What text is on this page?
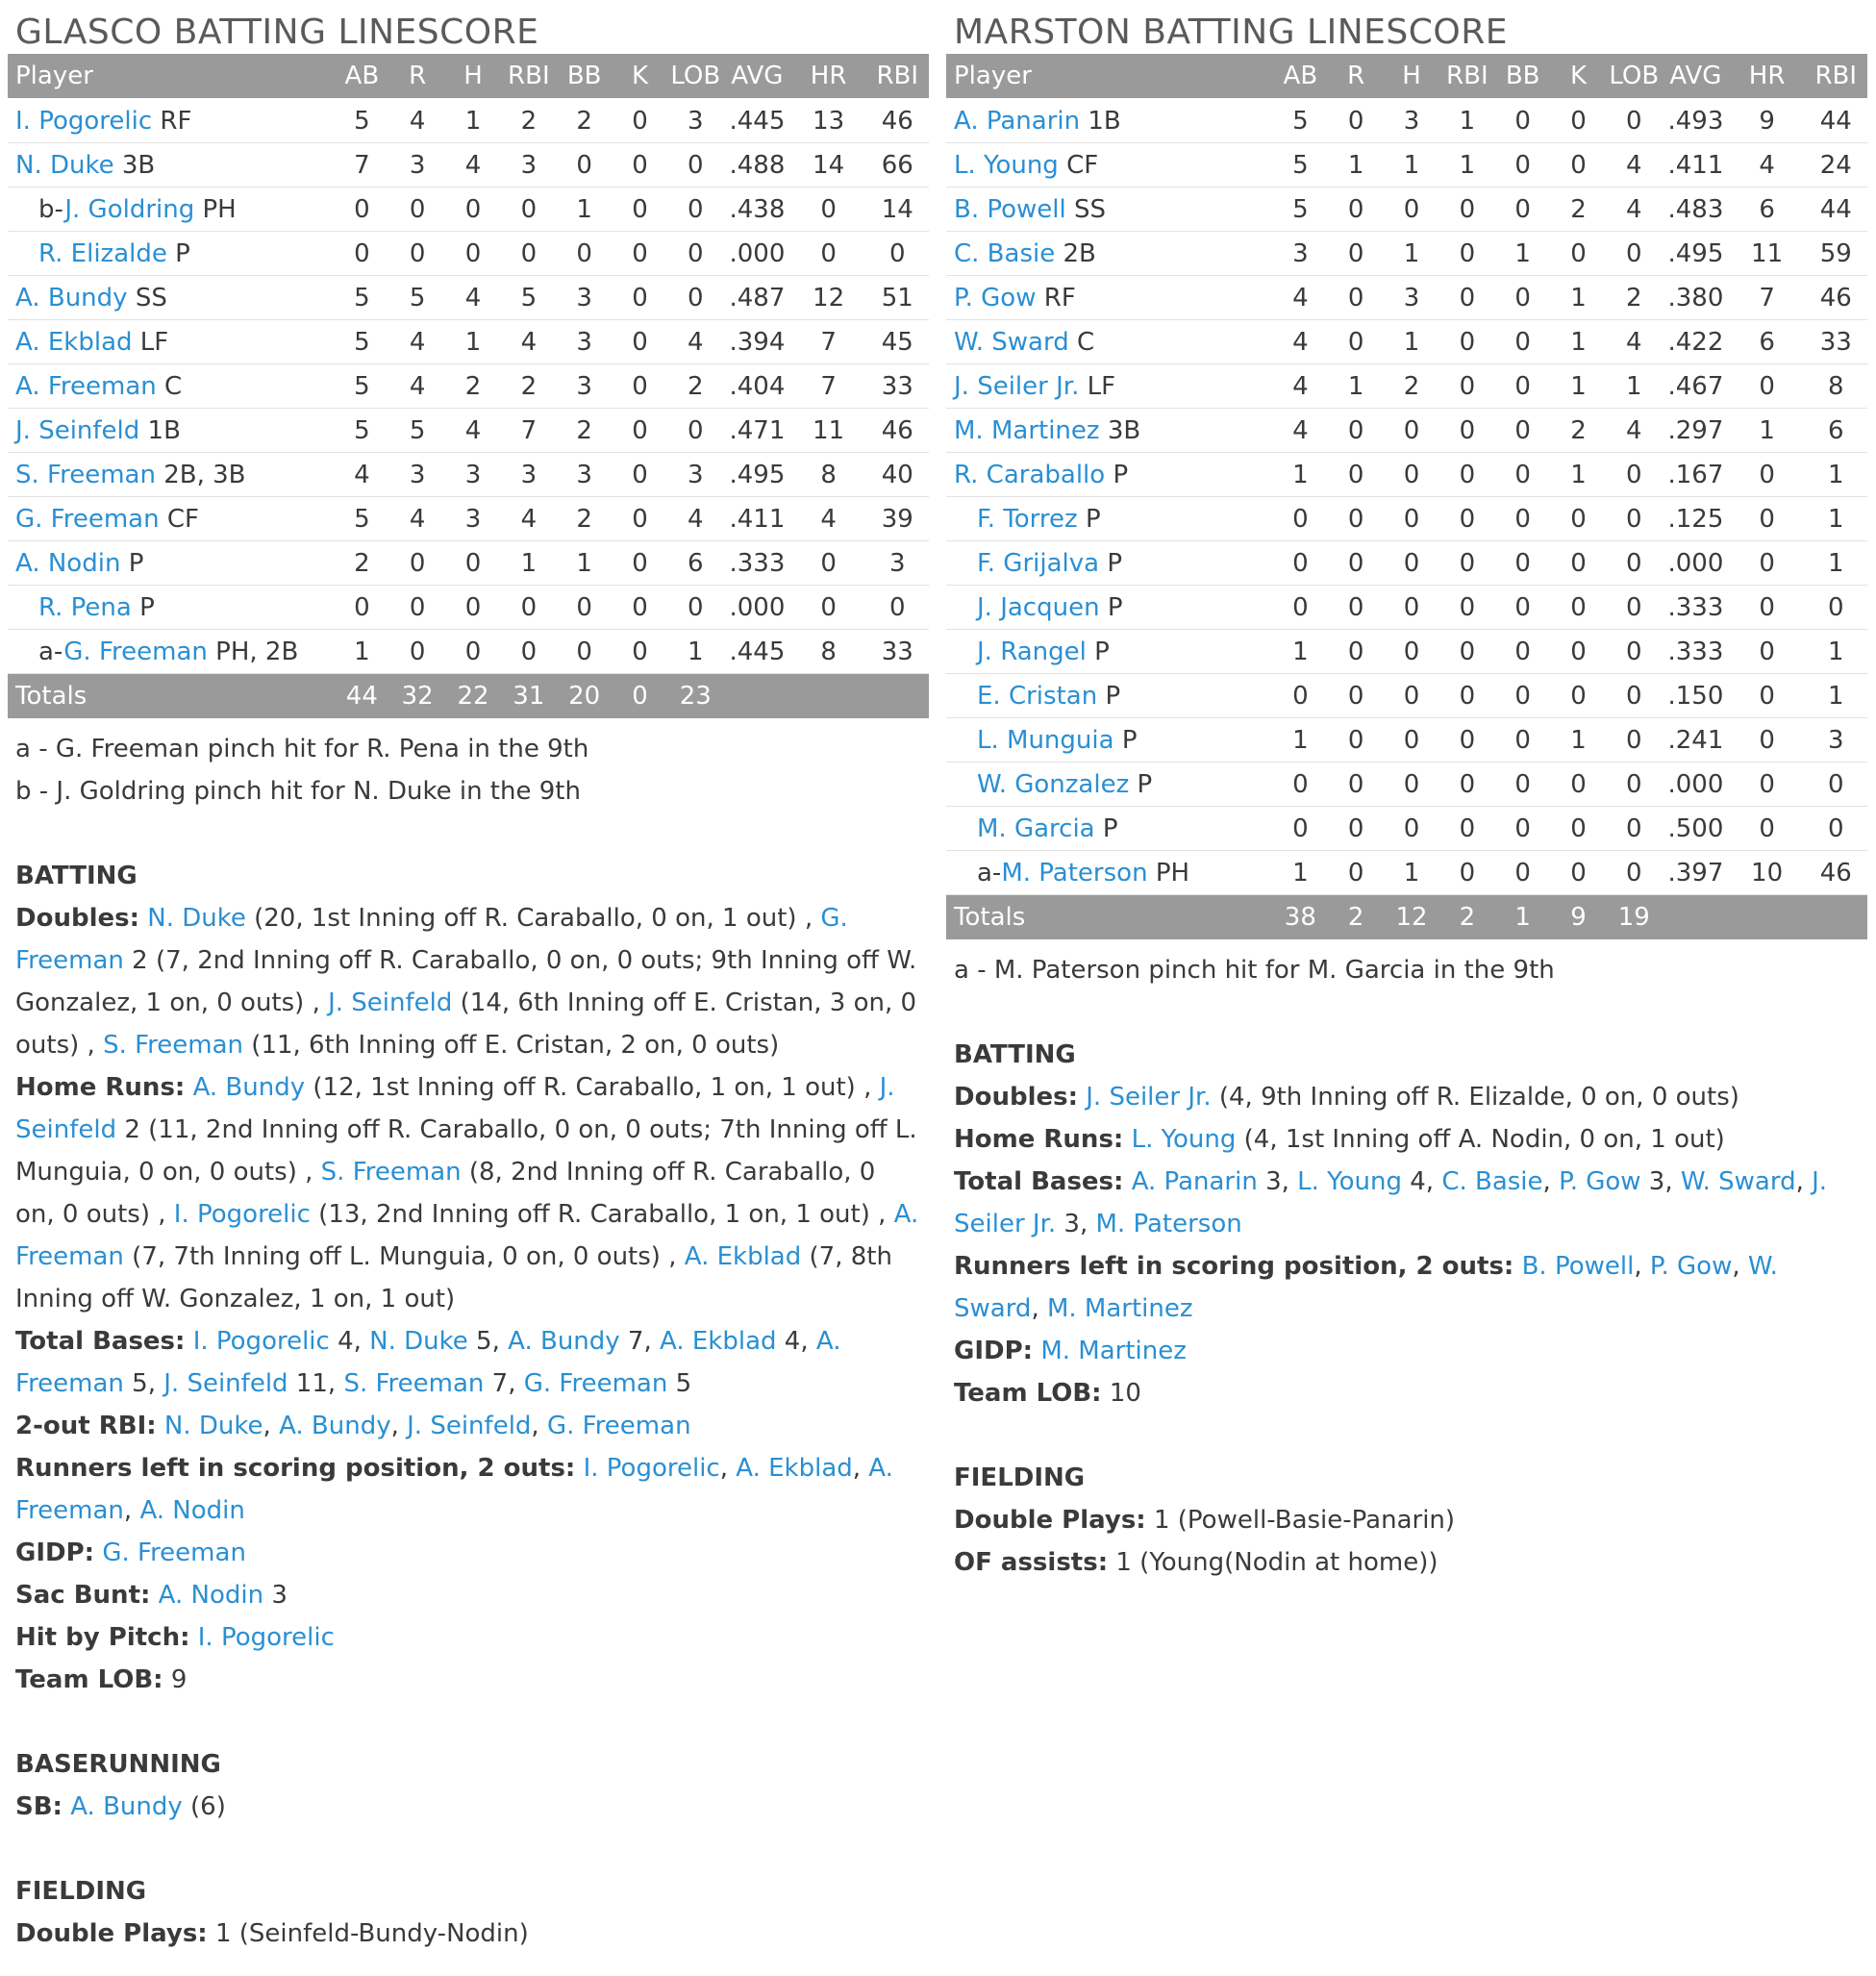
GLASCO BATTING LINESCORE
Player	AB	R	H	RBI	BB	K	LOB	AVG	HR	RBI
I. Pogorelic RF	5	4	1	2	2	0	3	.445	13	46
N. Duke 3B	7	3	4	3	0	0	0	.488	14	66
b-J. Goldring PH	0	0	0	0	1	0	0	.438	0	14
R. Elizalde P	0	0	0	0	0	0	0	.000	0	0
A. Bundy SS	5	5	4	5	3	0	0	.487	12	51
A. Ekblad LF	5	4	1	4	3	0	4	.394	7	45
A. Freeman C	5	4	2	2	3	0	2	.404	7	33
J. Seinfeld 1B	5	5	4	7	2	0	0	.471	11	46
S. Freeman 2B, 3B	4	3	3	3	3	0	3	.495	8	40
G. Freeman CF	5	4	3	4	2	0	4	.411	4	39
A. Nodin P	2	0	0	1	1	0	6	.333	0	3
R. Pena P	0	0	0	0	0	0	0	.000	0	0
a-G. Freeman PH, 2B	1	0	0	0	0	0	1	.445	8	33
Totals	44	32	22	31	20	0	23			
a - G. Freeman pinch hit for R. Pena in the 9th
b - J. Goldring pinch hit for N. Duke in the 9th
BATTING
Doubles: N. Duke (20, 1st Inning off R. Caraballo, 0 on, 1 out) , G. Freeman 2 (7, 2nd Inning off R. Caraballo, 0 on, 0 outs; 9th Inning off W. Gonzalez, 1 on, 0 outs) , J. Seinfeld (14, 6th Inning off E. Cristan, 3 on, 0 outs) , S. Freeman (11, 6th Inning off E. Cristan, 2 on, 0 outs)
Home Runs: A. Bundy (12, 1st Inning off R. Caraballo, 1 on, 1 out) , J. Seinfeld 2 (11, 2nd Inning off R. Caraballo, 0 on, 0 outs; 7th Inning off L. Munguia, 0 on, 0 outs) , S. Freeman (8, 2nd Inning off R. Caraballo, 0 on, 0 outs) , I. Pogorelic (13, 2nd Inning off R. Caraballo, 1 on, 1 out) , A. Freeman (7, 7th Inning off L. Munguia, 0 on, 0 outs) , A. Ekblad (7, 8th Inning off W. Gonzalez, 1 on, 1 out)
Total Bases: I. Pogorelic 4, N. Duke 5, A. Bundy 7, A. Ekblad 4, A. Freeman 5, J. Seinfeld 11, S. Freeman 7, G. Freeman 5
2-out RBI: N. Duke, A. Bundy, J. Seinfeld, G. Freeman
Runners left in scoring position, 2 outs: I. Pogorelic, A. Ekblad, A. Freeman, A. Nodin
GIDP: G. Freeman
Sac Bunt: A. Nodin 3
Hit by Pitch: I. Pogorelic
Team LOB: 9
BASERUNNING
SB: A. Bundy (6)
FIELDING
Double Plays: 1 (Seinfeld-Bundy-Nodin)
MARSTON BATTING LINESCORE
Player	AB	R	H	RBI	BB	K	LOB	AVG	HR	RBI
A. Panarin 1B	5	0	3	1	0	0	0	.493	9	44
L. Young CF	5	1	1	1	0	0	4	.411	4	24
B. Powell SS	5	0	0	0	0	2	4	.483	6	44
C. Basie 2B	3	0	1	0	1	0	0	.495	11	59
P. Gow RF	4	0	3	0	0	1	2	.380	7	46
W. Sward C	4	0	1	0	0	1	4	.422	6	33
J. Seiler Jr. LF	4	1	2	0	0	1	1	.467	0	8
M. Martinez 3B	4	0	0	0	0	2	4	.297	1	6
R. Caraballo P	1	0	0	0	0	1	0	.167	0	1
F. Torrez P	0	0	0	0	0	0	0	.125	0	1
F. Grijalva P	0	0	0	0	0	0	0	.000	0	1
J. Jacquen P	0	0	0	0	0	0	0	.333	0	0
J. Rangel P	1	0	0	0	0	0	0	.333	0	1
E. Cristan P	0	0	0	0	0	0	0	.150	0	1
L. Munguia P	1	0	0	0	0	1	0	.241	0	3
W. Gonzalez P	0	0	0	0	0	0	0	.000	0	0
M. Garcia P	0	0	0	0	0	0	0	.500	0	0
a-M. Paterson PH	1	0	1	0	0	0	0	.397	10	46
Totals	38	2	12	2	1	9	19			
a - M. Paterson pinch hit for M. Garcia in the 9th
BATTING
Doubles: J. Seiler Jr. (4, 9th Inning off R. Elizalde, 0 on, 0 outs)
Home Runs: L. Young (4, 1st Inning off A. Nodin, 0 on, 1 out)
Total Bases: A. Panarin 3, L. Young 4, C. Basie, P. Gow 3, W. Sward, J. Seiler Jr. 3, M. Paterson
Runners left in scoring position, 2 outs: B. Powell, P. Gow, W. Sward, M. Martinez
GIDP: M. Martinez
Team LOB: 10
FIELDING
Double Plays: 1 (Powell-Basie-Panarin)
OF assists: 1 (Young(Nodin at home))
